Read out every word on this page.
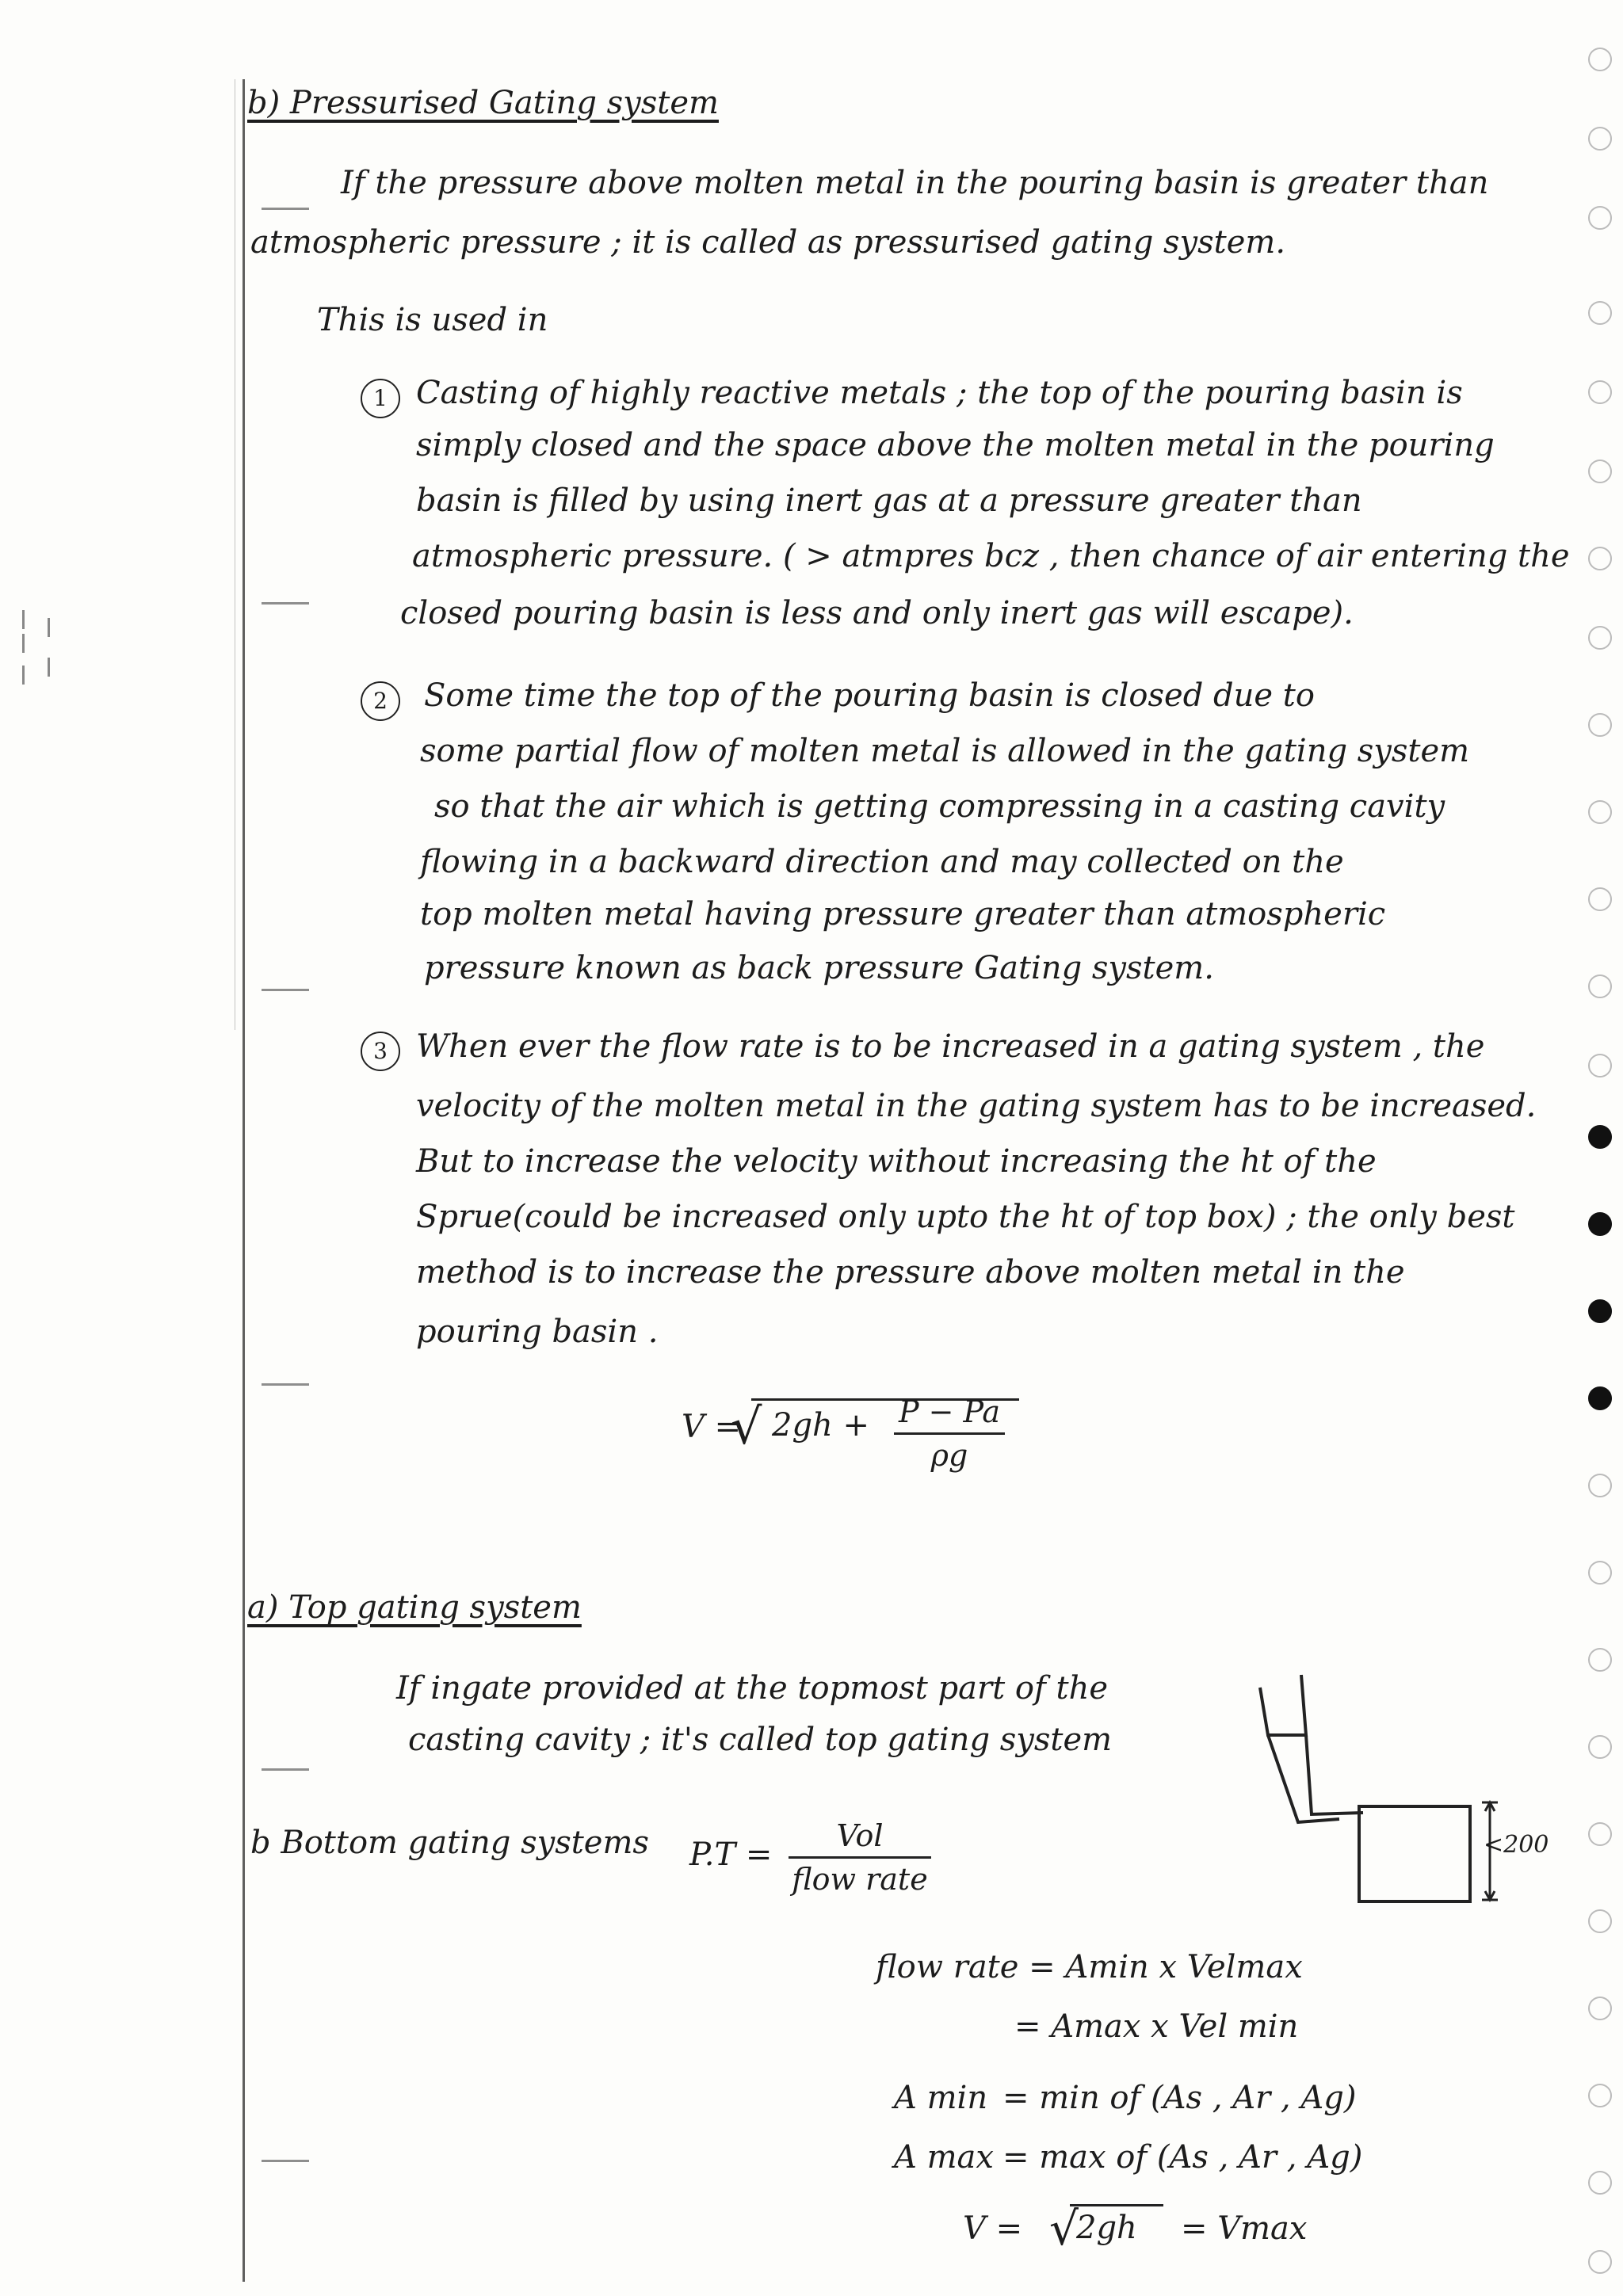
b) Pressurised Gating system
If the pressure above molten metal in the pouring basin is greater than
atmospheric pressure ; it is called as pressurised gating system.
This is used in
1 Casting of highly reactive metals ; the top of the pouring basin is
simply closed and the space above the molten metal in the pouring
basin is filled by using inert gas at a pressure greater than
atmospheric pressure. ( > atmpres bcz , then chance of air entering the
closed pouring basin is less and only inert gas will escape).
2	Some time the top of the pouring basin is closed due to
some partial flow of molten metal is allowed in the gating system
so that the air which is getting compressing in a casting cavity
flowing in a backward direction and may collected on the
top molten metal having pressure greater than atmospheric
pressure known as back pressure Gating system.
3 When ever the flow rate is to be increased in a gating system , the
velocity of the molten metal in the gating system has to be increased.
But to increase the velocity without increasing the ht of the
Sprue(could be increased only upto the ht of top box) ; the only best
method is to increase the pressure above molten metal in the
pouring basin .
V =
√ 2gh + P − Pa
ρg
a) Top gating system
If ingate provided at the topmost part of the
casting cavity ; it's called top gating system
<200
b Bottom gating systems P.T =
Vol
flow rate
flow rate = Amin x Velmax
= Amax x Vel min
A min = min of (As , Ar , Ag)
A max = max of (As , Ar , Ag)
V = √
2gh	= Vmax
